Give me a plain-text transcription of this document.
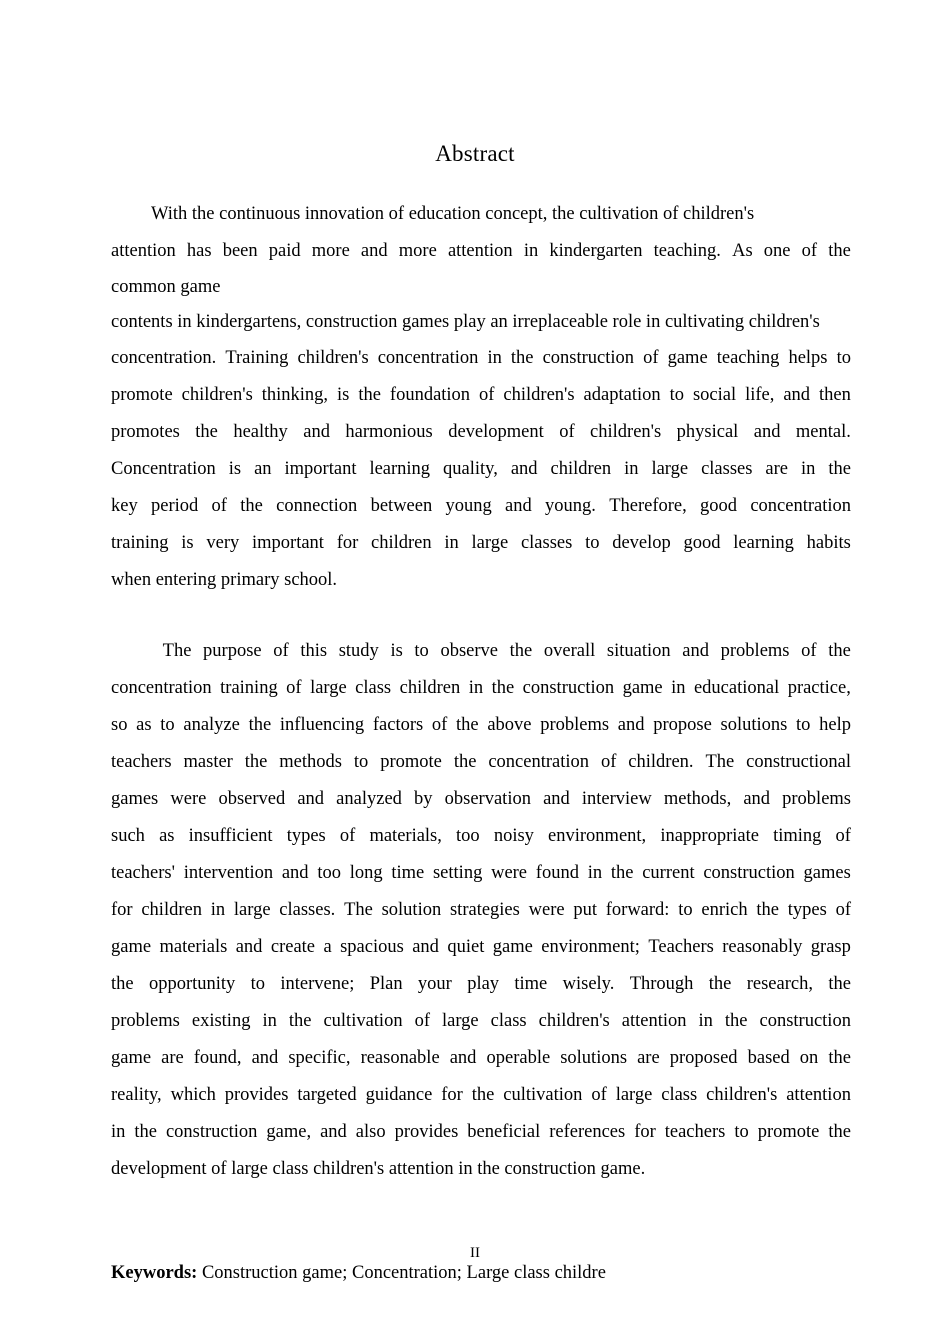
Abstract
With the continuous innovation of education concept, the cultivation of children's
attention has been paid more and more attention in kindergarten teaching. As one of the
common game
contents in kindergartens, construction games play an irreplaceable role in cultivating children's
concentration. Training children's concentration in the construction of game teaching helps to
promote children's thinking, is the foundation of children's adaptation to social life, and then
promotes the healthy and harmonious development of children's physical and mental.
Concentration is an important learning quality, and children in large classes are in the
key period of the connection between young and young. Therefore, good concentration
training is very important for children in large classes to develop good learning habits
when entering primary school.
The purpose of this study is to observe the overall situation and problems of the
concentration training of large class children in the construction game in educational practice,
so as to analyze the influencing factors of the above problems and propose solutions to help
teachers master the methods to promote the concentration of children. The constructional
games were observed and analyzed by observation and interview methods, and problems
such as insufficient types of materials, too noisy environment, inappropriate timing of
teachers' intervention and too long time setting were found in the current construction games
for children in large classes. The solution strategies were put forward: to enrich the types of
game materials and create a spacious and quiet game environment; Teachers reasonably grasp
the opportunity to intervene; Plan your play time wisely. Through the research, the
problems existing in the cultivation of large class children's attention in the construction
game are found, and specific, reasonable and operable solutions are proposed based on the
reality, which provides targeted guidance for the cultivation of large class children's attention
in the construction game, and also provides beneficial references for teachers to promote the
development of large class children's attention in the construction game.
Keywords: Construction game; Concentration; Large class childre
II
